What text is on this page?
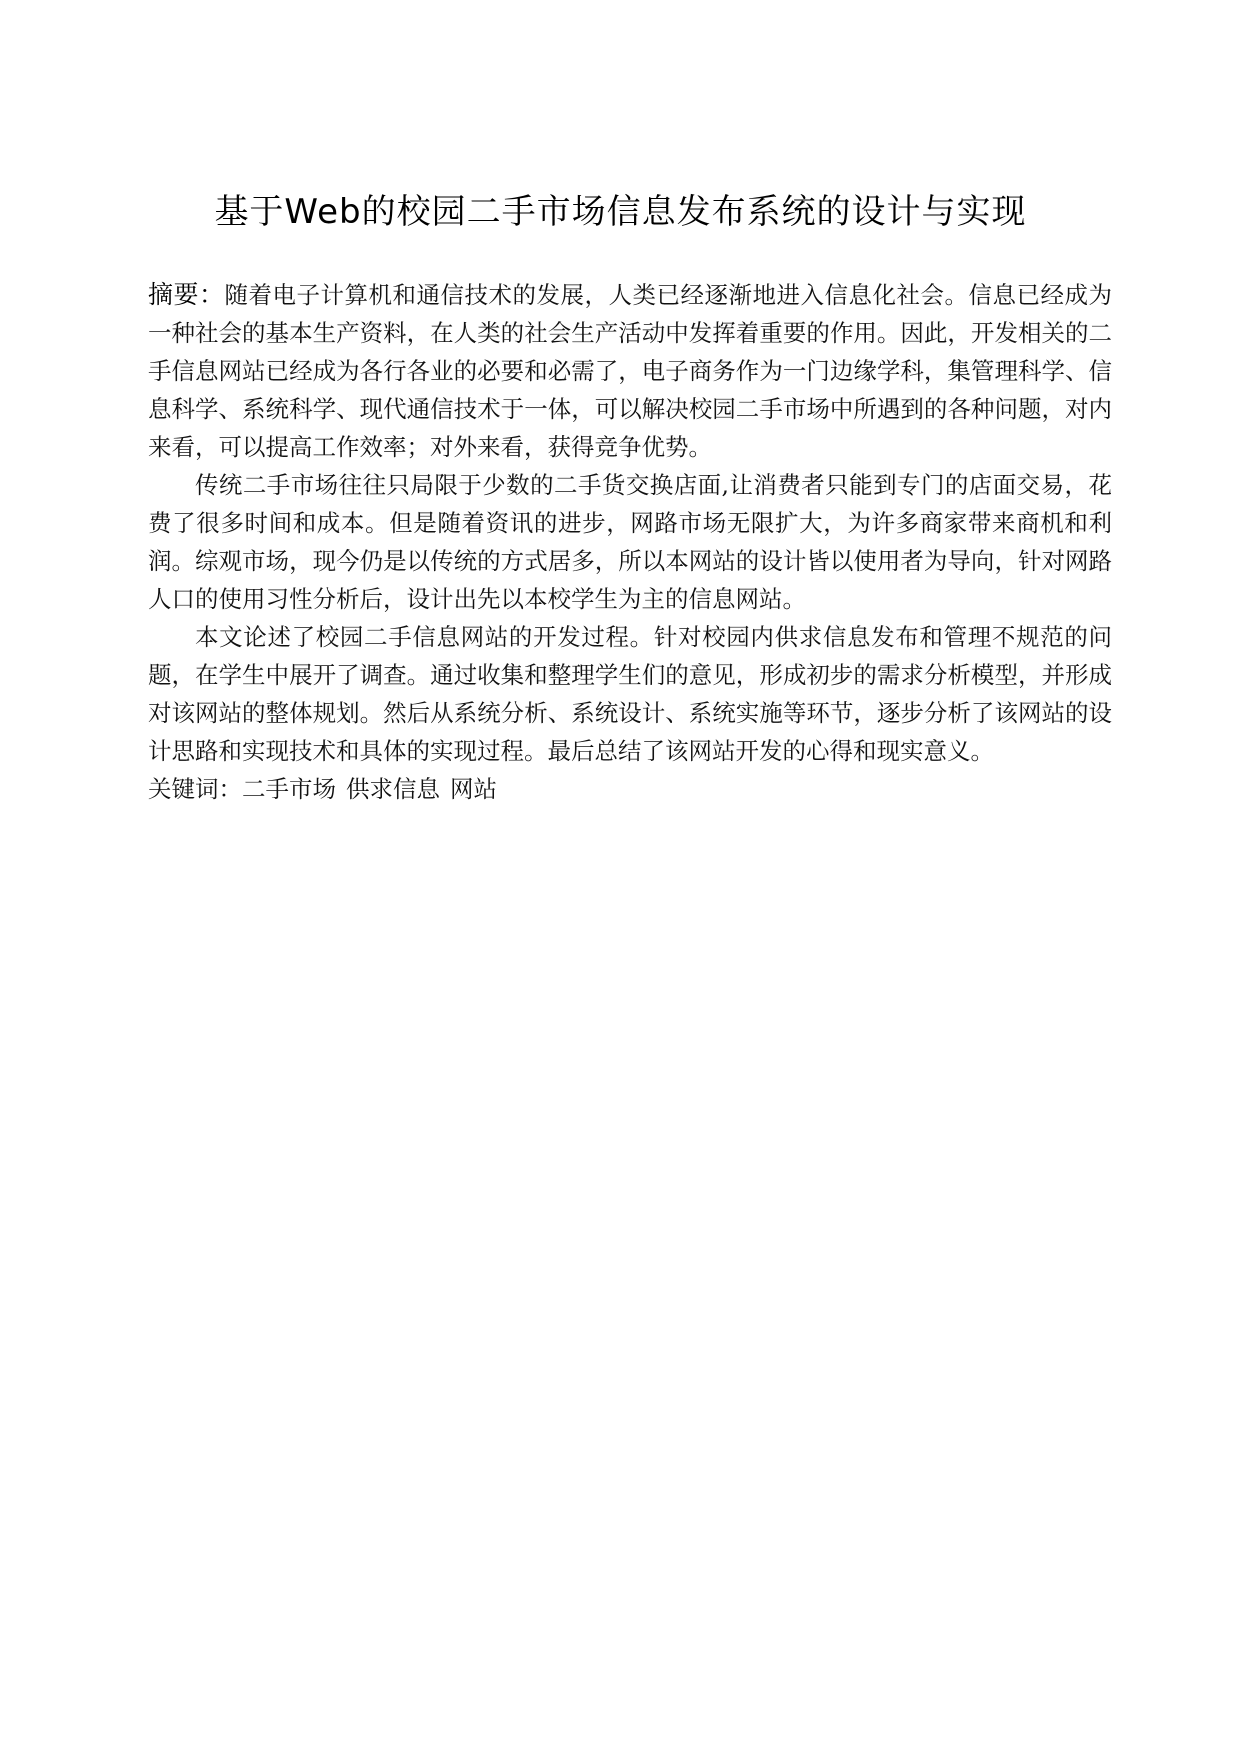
基于Web的校园二手市场信息发布系统的设计与实现

摘要：随着电子计算机和通信技术的发展，人类已经逐渐地进入信息化社会。信息已经成为一种社会的基本生产资料，在人类的社会生产活动中发挥着重要的作用。因此，开发相关的二手信息网站已经成为各行各业的必要和必需了，电子商务作为一门边缘学科，集管理科学、信息科学、系统科学、现代通信技术于一体，可以解决校园二手市场中所遇到的各种问题，对内来看，可以提高工作效率；对外来看，获得竞争优势。

传统二手市场往往只局限于少数的二手货交换店面,让消费者只能到专门的店面交易，花费了很多时间和成本。但是随着资讯的进步，网路市场无限扩大，为许多商家带来商机和利润。综观市场，现今仍是以传统的方式居多，所以本网站的设计皆以使用者为导向，针对网路人口的使用习性分析后，设计出先以本校学生为主的信息网站。

本文论述了校园二手信息网站的开发过程。针对校园内供求信息发布和管理不规范的问题，在学生中展开了调查。通过收集和整理学生们的意见，形成初步的需求分析模型，并形成对该网站的整体规划。然后从系统分析、系统设计、系统实施等环节，逐步分析了该网站的设计思路和实现技术和具体的实现过程。最后总结了该网站开发的心得和现实意义。

关键词：二手市场 供求信息 网站
